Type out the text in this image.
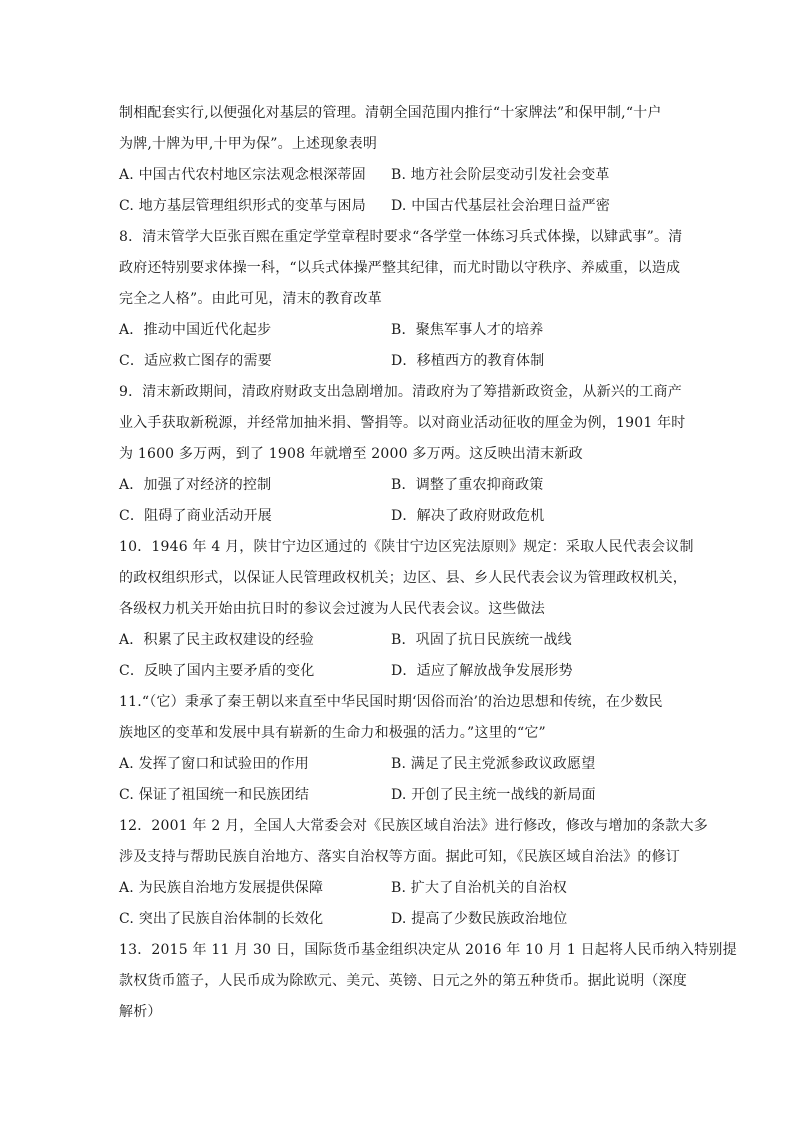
制相配套实行,以便强化对基层的管理。清朝全国范围内推行“十家牌法”和保甲制,“十户
为牌,十牌为甲,十甲为保”。上述现象表明
A. 中国古代农村地区宗法观念根深蒂固 B. 地方社会阶层变动引发社会变革
C. 地方基层管理组织形式的变革与困局 D. 中国古代基层社会治理日益严密
8．清末管学大臣张百熙在重定学堂章程时要求“各学堂一体练习兵式体操，以肄武事”。清
政府还特别要求体操一科，“以兵式体操严整其纪律，而尤时勖以守秩序、养威重，以造成
完全之人格”。由此可见，清末的教育改革
A．推动中国近代化起步	B．聚焦军事人才的培养
C．适应救亡图存的需要	D．移植西方的教育体制
9．清末新政期间，清政府财政支出急剧增加。清政府为了筹措新政资金，从新兴的工商产
业入手获取新税源，并经常加抽米捐、警捐等。以对商业活动征收的厘金为例，1901 年时
为 1600 多万两，到了 1908 年就增至 2000 多万两。这反映出清末新政
A．加强了对经济的控制	B．调整了重农抑商政策
C．阻碍了商业活动开展	D．解决了政府财政危机
10．1946 年 4 月，陕甘宁边区通过的《陕甘宁边区宪法原则》规定：采取人民代表会议制
的政权组织形式，以保证人民管理政权机关；边区、县、乡人民代表会议为管理政权机关，
各级权力机关开始由抗日时的参议会过渡为人民代表会议。这些做法
A．积累了民主政权建设的经验	B．巩固了抗日民族统一战线
C．反映了国内主要矛盾的变化	D．适应了解放战争发展形势
11.“（它）秉承了秦王朝以来直至中华民国时期‘因俗而治’的治边思想和传统，在少数民
族地区的变革和发展中具有崭新的生命力和极强的活力。”这里的“它”
A. 发挥了窗口和试验田的作用	B. 满足了民主党派参政议政愿望
C. 保证了祖国统一和民族团结	D. 开创了民主统一战线的新局面
12．2001 年 2 月，全国人大常委会对《民族区域自治法》进行修改，修改与增加的条款大多
涉及支持与帮助民族自治地方、落实自治权等方面。据此可知，《民族区域自治法》的修订
A. 为民族自治地方发展提供保障	B. 扩大了自治机关的自治权
C. 突出了民族自治体制的长效化	D. 提高了少数民族政治地位
13．2015 年 11 月 30 日，国际货币基金组织决定从 2016 年 10 月 1 日起将人民币纳入特别提
款权货币篮子，人民币成为除欧元、美元、英镑、日元之外的第五种货币。据此说明（深度
解析）
